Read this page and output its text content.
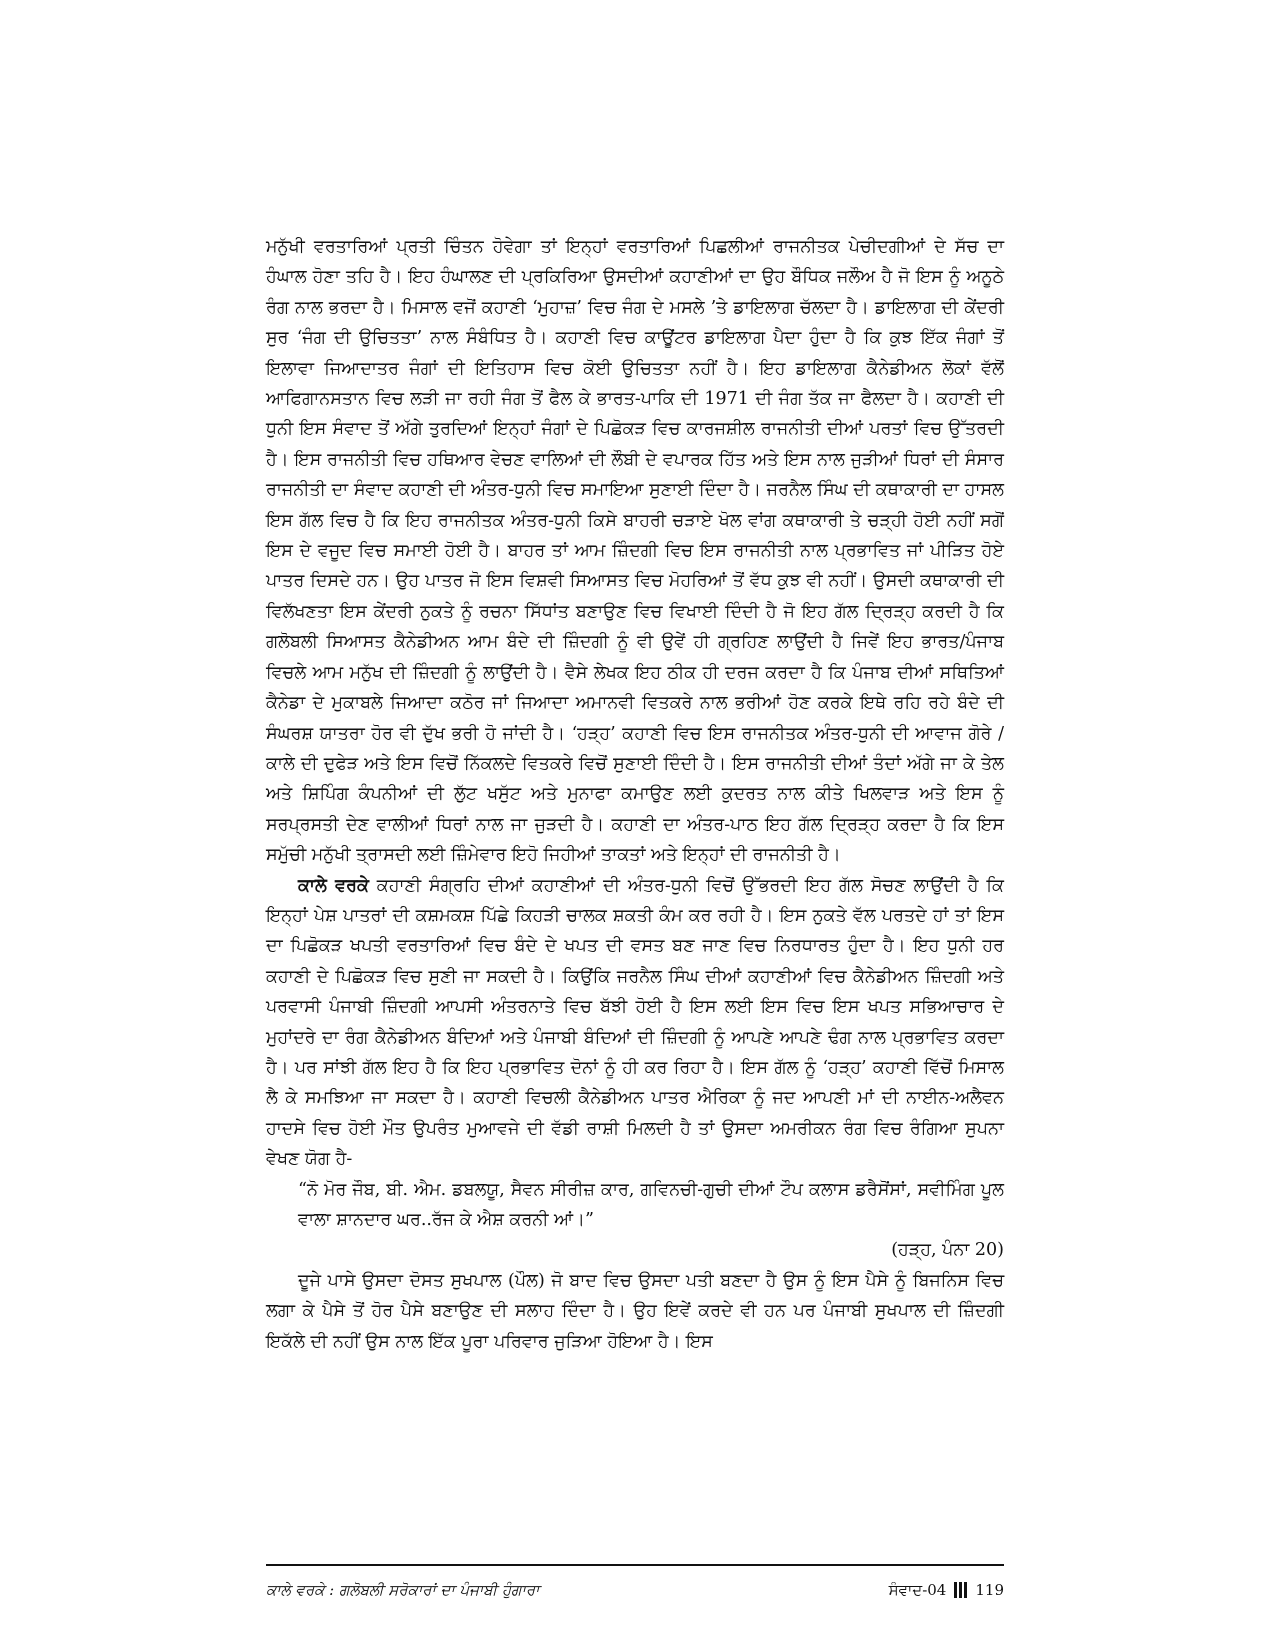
ਮਨੁੱਖੀ ਵਰਤਾਰਿਆਂ ਪ੍ਰਤੀ ਚਿੰਤਨ ਹੋਵੇਗਾ ਤਾਂ ਇਨ੍ਹਾਂ ਵਰਤਾਰਿਆਂ ਪਿਛਲੀਆਂ ਰਾਜਨੀਤਕ ਪੇਚੀਦਗੀਆਂ ਦੇ ਸੱਚ ਦਾ ਹੰਘਾਲ ਹੋਣਾ ਤਹਿ ਹੈ। ਇਹ ਹੰਘਾਲਣ ਦੀ ਪ੍ਰਕਿਰਿਆ ਉਸਦੀਆਂ ਕਹਾਣੀਆਂ ਦਾ ਉਹ ਬੌਧਿਕ ਜਲੌਅ ਹੈ ਜੋ ਇਸ ਨੂੰ ਅਨੂਠੇ ਰੰਗ ਨਾਲ ਭਰਦਾ ਹੈ। ਮਿਸਾਲ ਵਜੋਂ ਕਹਾਣੀ ‘ਮੁਹਾਜ਼’ ਵਿਚ ਜੰਗ ਦੇ ਮਸਲੇ ’ਤੇ ਡਾਇਲਾਗ ਚੱਲਦਾ ਹੈ। ਡਾਇਲਾਗ ਦੀ ਕੇਂਦਰੀ ਸੁਰ ‘ਜੰਗ ਦੀ ਉਚਿਤਤਾ’ ਨਾਲ ਸੰਬੰਧਿਤ ਹੈ। ਕਹਾਣੀ ਵਿਚ ਕਾਊਂਟਰ ਡਾਇਲਾਗ ਪੈਦਾ ਹੁੰਦਾ ਹੈ ਕਿ ਕੁਝ ਇੱਕ ਜੰਗਾਂ ਤੋਂ ਇਲਾਵਾ ਜਿਆਦਾਤਰ ਜੰਗਾਂ ਦੀ ਇਤਿਹਾਸ ਵਿਚ ਕੋਈ ਉਚਿਤਤਾ ਨਹੀਂ ਹੈ। ਇਹ ਡਾਇਲਾਗ ਕੈਨੇਡੀਅਨ ਲੋਕਾਂ ਵੱਲੋਂ ਆਫਿਗਾਨਸਤਾਨ ਵਿਚ ਲੜੀ ਜਾ ਰਹੀ ਜੰਗ ਤੋਂ ਫੈਲ ਕੇ ਭਾਰਤ-ਪਾਕਿ ਦੀ 1971 ਦੀ ਜੰਗ ਤੱਕ ਜਾ ਫੈਲਦਾ ਹੈ। ਕਹਾਣੀ ਦੀ ਧੁਨੀ ਇਸ ਸੰਵਾਦ ਤੋਂ ਅੱਗੇ ਤੁਰਦਿਆਂ ਇਨ੍ਹਾਂ ਜੰਗਾਂ ਦੇ ਪਿਛੋਕੜ ਵਿਚ ਕਾਰਜਸ਼ੀਲ ਰਾਜਨੀਤੀ ਦੀਆਂ ਪਰਤਾਂ ਵਿਚ ਉੱਤਰਦੀ ਹੈ। ਇਸ ਰਾਜਨੀਤੀ ਵਿਚ ਹਥਿਆਰ ਵੇਚਣ ਵਾਲਿਆਂ ਦੀ ਲੌਬੀ ਦੇ ਵਪਾਰਕ ਹਿੱਤ ਅਤੇ ਇਸ ਨਾਲ ਜੁੜੀਆਂ ਧਿਰਾਂ ਦੀ ਸੰਸਾਰ ਰਾਜਨੀਤੀ ਦਾ ਸੰਵਾਦ ਕਹਾਣੀ ਦੀ ਅੰਤਰ-ਧੁਨੀ ਵਿਚ ਸਮਾਇਆ ਸੁਣਾਈ ਦਿੰਦਾ ਹੈ। ਜਰਨੈਲ ਸਿੰਘ ਦੀ ਕਥਾਕਾਰੀ ਦਾ ਹਾਸਲ ਇਸ ਗੱਲ ਵਿਚ ਹੈ ਕਿ ਇਹ ਰਾਜਨੀਤਕ ਅੰਤਰ-ਧੁਨੀ ਕਿਸੇ ਬਾਹਰੀ ਚੜਾਏ ਖੋਲ ਵਾਂਗ ਕਥਾਕਾਰੀ ਤੇ ਚੜ੍ਹੀ ਹੋਈ ਨਹੀਂ ਸਗੋਂ ਇਸ ਦੇ ਵਜੂਦ ਵਿਚ ਸਮਾਈ ਹੋਈ ਹੈ। ਬਾਹਰ ਤਾਂ ਆਮ ਜ਼ਿੰਦਗੀ ਵਿਚ ਇਸ ਰਾਜਨੀਤੀ ਨਾਲ ਪ੍ਰਭਾਵਿਤ ਜਾਂ ਪੀੜਿਤ ਹੋਏ ਪਾਤਰ ਦਿਸਦੇ ਹਨ। ਉਹ ਪਾਤਰ ਜੋ ਇਸ ਵਿਸ਼ਵੀ ਸਿਆਸਤ ਵਿਚ ਮੋਹਰਿਆਂ ਤੋਂ ਵੱਧ ਕੁਝ ਵੀ ਨਹੀਂ। ਉਸਦੀ ਕਥਾਕਾਰੀ ਦੀ ਵਿਲੱਖਣਤਾ ਇਸ ਕੇਂਦਰੀ ਨੁਕਤੇ ਨੂੰ ਰਚਨਾ ਸਿੱਧਾਂਤ ਬਣਾਉਣ ਵਿਚ ਵਿਖਾਈ ਦਿੰਦੀ ਹੈ ਜੋ ਇਹ ਗੱਲ ਦ੍ਰਿੜ੍ਹ ਕਰਦੀ ਹੈ ਕਿ ਗਲੋਬਲੀ ਸਿਆਸਤ ਕੈਨੇਡੀਅਨ ਆਮ ਬੰਦੇ ਦੀ ਜ਼ਿੰਦਗੀ ਨੂੰ ਵੀ ਉਵੇਂ ਹੀ ਗ੍ਰਹਿਣ ਲਾਉਂਦੀ ਹੈ ਜਿਵੇਂ ਇਹ ਭਾਰਤ/ਪੰਜਾਬ ਵਿਚਲੇ ਆਮ ਮਨੁੱਖ ਦੀ ਜ਼ਿੰਦਗੀ ਨੂੰ ਲਾਉਂਦੀ ਹੈ। ਵੈਸੇ ਲੇਖਕ ਇਹ ਠੀਕ ਹੀ ਦਰਜ ਕਰਦਾ ਹੈ ਕਿ ਪੰਜਾਬ ਦੀਆਂ ਸਥਿਤਿਆਂ ਕੈਨੇਡਾ ਦੇ ਮੁਕਾਬਲੇ ਜਿਆਦਾ ਕਠੋਰ ਜਾਂ ਜਿਆਦਾ ਅਮਾਨਵੀ ਵਿਤਕਰੇ ਨਾਲ ਭਰੀਆਂ ਹੋਣ ਕਰਕੇ ਇਥੇ ਰਹਿ ਰਹੇ ਬੰਦੇ ਦੀ ਸੰਘਰਸ਼ ਯਾਤਰਾ ਹੋਰ ਵੀ ਦੁੱਖ ਭਰੀ ਹੋ ਜਾਂਦੀ ਹੈ। ‘ਹੜ੍ਹ’ ਕਹਾਣੀ ਵਿਚ ਇਸ ਰਾਜਨੀਤਕ ਅੰਤਰ-ਧੁਨੀ ਦੀ ਆਵਾਜ ਗੋਰੇ /ਕਾਲੇ ਦੀ ਦੁਫੇੜ ਅਤੇ ਇਸ ਵਿਚੋਂ ਨਿੱਕਲਦੇ ਵਿਤਕਰੇ ਵਿਚੋਂ ਸੁਣਾਈ ਦਿੰਦੀ ਹੈ। ਇਸ ਰਾਜਨੀਤੀ ਦੀਆਂ ਤੰਦਾਂ ਅੱਗੇ ਜਾ ਕੇ ਤੇਲ ਅਤੇ ਸ਼ਿਪਿੰਗ ਕੰਪਨੀਆਂ ਦੀ ਲੁੱਟ ਖਸੁੱਟ ਅਤੇ ਮੁਨਾਫਾ ਕਮਾਉਣ ਲਈ ਕੁਦਰਤ ਨਾਲ ਕੀਤੇ ਖਿਲਵਾੜ ਅਤੇ ਇਸ ਨੂੰ ਸਰਪ੍ਰਸਤੀ ਦੇਣ ਵਾਲੀਆਂ ਧਿਰਾਂ ਨਾਲ ਜਾ ਜੁੜਦੀ ਹੈ। ਕਹਾਣੀ ਦਾ ਅੰਤਰ-ਪਾਠ ਇਹ ਗੱਲ ਦ੍ਰਿੜ੍ਹ ਕਰਦਾ ਹੈ ਕਿ ਇਸ ਸਮੁੱਚੀ ਮਨੁੱਖੀ ਤ੍ਰਾਸਦੀ ਲਈ ਜ਼ਿੰਮੇਵਾਰ ਇਹੋ ਜਿਹੀਆਂ ਤਾਕਤਾਂ ਅਤੇ ਇਨ੍ਹਾਂ ਦੀ ਰਾਜਨੀਤੀ ਹੈ।

ਕਾਲੇ ਵਰਕੇ ਕਹਾਣੀ ਸੰਗ੍ਰਹਿ ਦੀਆਂ ਕਹਾਣੀਆਂ ਦੀ ਅੰਤਰ-ਧੁਨੀ ਵਿਚੋਂ ਉੱਭਰਦੀ ਇਹ ਗੱਲ ਸੋਚਣ ਲਾਉਂਦੀ ਹੈ ਕਿ ਇਨ੍ਹਾਂ ਪੇਸ਼ ਪਾਤਰਾਂ ਦੀ ਕਸ਼ਮਕਸ਼ ਪਿੱਛੇ ਕਿਹੜੀ ਚਾਲਕ ਸ਼ਕਤੀ ਕੰਮ ਕਰ ਰਹੀ ਹੈ। ਇਸ ਨੁਕਤੇ ਵੱਲ ਪਰਤਦੇ ਹਾਂ ਤਾਂ ਇਸ ਦਾ ਪਿਛੋਕੜ ਖਪਤੀ ਵਰਤਾਰਿਆਂ ਵਿਚ ਬੰਦੇ ਦੇ ਖਪਤ ਦੀ ਵਸਤ ਬਣ ਜਾਣ ਵਿਚ ਨਿਰਧਾਰਤ ਹੁੰਦਾ ਹੈ। ਇਹ ਧੁਨੀ ਹਰ ਕਹਾਣੀ ਦੇ ਪਿਛੋਕੜ ਵਿਚ ਸੁਣੀ ਜਾ ਸਕਦੀ ਹੈ। ਕਿਉਂਕਿ ਜਰਨੈਲ ਸਿੰਘ ਦੀਆਂ ਕਹਾਣੀਆਂ ਵਿਚ ਕੈਨੇਡੀਅਨ ਜ਼ਿੰਦਗੀ ਅਤੇ ਪਰਵਾਸੀ ਪੰਜਾਬੀ ਜ਼ਿੰਦਗੀ ਆਪਸੀ ਅੰਤਰਨਾਤੇ ਵਿਚ ਬੱਝੀ ਹੋਈ ਹੈ ਇਸ ਲਈ ਇਸ ਵਿਚ ਇਸ ਖਪਤ ਸਭਿਆਚਾਰ ਦੇ ਮੁਹਾਂਦਰੇ ਦਾ ਰੰਗ ਕੈਨੇਡੀਅਨ ਬੰਦਿਆਂ ਅਤੇ ਪੰਜਾਬੀ ਬੰਦਿਆਂ ਦੀ ਜ਼ਿੰਦਗੀ ਨੂੰ ਆਪਣੇ ਆਪਣੇ ਢੰਗ ਨਾਲ ਪ੍ਰਭਾਵਿਤ ਕਰਦਾ ਹੈ। ਪਰ ਸਾਂਝੀ ਗੱਲ ਇਹ ਹੈ ਕਿ ਇਹ ਪ੍ਰਭਾਵਿਤ ਦੋਨਾਂ ਨੂੰ ਹੀ ਕਰ ਰਿਹਾ ਹੈ। ਇਸ ਗੱਲ ਨੂੰ ‘ਹੜ੍ਹ’ ਕਹਾਣੀ ਵਿੱਚੋਂ ਮਿਸਾਲ ਲੈ ਕੇ ਸਮਝਿਆ ਜਾ ਸਕਦਾ ਹੈ। ਕਹਾਣੀ ਵਿਚਲੀ ਕੈਨੇਡੀਅਨ ਪਾਤਰ ਐਰਿਕਾ ਨੂੰ ਜਦ ਆਪਣੀ ਮਾਂ ਦੀ ਨਾਈਨ-ਅਲੈਵਨ ਹਾਦਸੇ ਵਿਚ ਹੋਈ ਮੌਤ ਉਪਰੰਤ ਮੁਆਵਜੇ ਦੀ ਵੱਡੀ ਰਾਸ਼ੀ ਮਿਲਦੀ ਹੈ ਤਾਂ ਉਸਦਾ ਅਮਰੀਕਨ ਰੰਗ ਵਿਚ ਰੰਗਿਆ ਸੁਪਨਾ ਵੇਖਣ ਯੋਗ ਹੈ-

“ਨੋ ਮੋਰ ਜੌਬ, ਬੀ. ਐਮ. ਡਬਲਯੂ, ਸੈਵਨ ਸੀਰੀਜ਼ ਕਾਰ, ਗਵਿਨਚੀ-ਗੁਚੀ ਦੀਆਂ ਟੌਪ ਕਲਾਸ ਡਰੈਸੋਂਸਾਂ, ਸਵੀਮਿੰਗ ਪੂਲ ਵਾਲਾ ਸ਼ਾਨਦਾਰ ਘਰ..ਰੱਜ ਕੇ ਐਸ਼ ਕਰਨੀ ਆਂ।”

(ਹੜ੍ਹ, ਪੰਨਾ 20)

ਦੂਜੇ ਪਾਸੇ ਉਸਦਾ ਦੋਸਤ ਸੁਖਪਾਲ (ਪੌਲ) ਜੋ ਬਾਦ ਵਿਚ ਉਸਦਾ ਪਤੀ ਬਣਦਾ ਹੈ ਉਸ ਨੂੰ ਇਸ ਪੈਸੇ ਨੂੰ ਬਿਜਨਿਸ ਵਿਚ ਲਗਾ ਕੇ ਪੈਸੇ ਤੋਂ ਹੋਰ ਪੈਸੇ ਬਣਾਉਣ ਦੀ ਸਲਾਹ ਦਿੰਦਾ ਹੈ। ਉਹ ਇਵੇਂ ਕਰਦੇ ਵੀ ਹਨ ਪਰ ਪੰਜਾਬੀ ਸੁਖਪਾਲ ਦੀ ਜ਼ਿੰਦਗੀ ਇਕੱਲੇ ਦੀ ਨਹੀਂ ਉਸ ਨਾਲ ਇੱਕ ਪੂਰਾ ਪਰਿਵਾਰ ਜੁੜਿਆ ਹੋਇਆ ਹੈ। ਇਸ

ਕਾਲੇ ਵਰਕੇ : ਗਲੋਬਲੀ ਸਰੋਕਾਰਾਂ ਦਾ ਪੰਜਾਬੀ ਹੁੰਗਾਰਾ	ਸੰਵਾਦ-04 119
